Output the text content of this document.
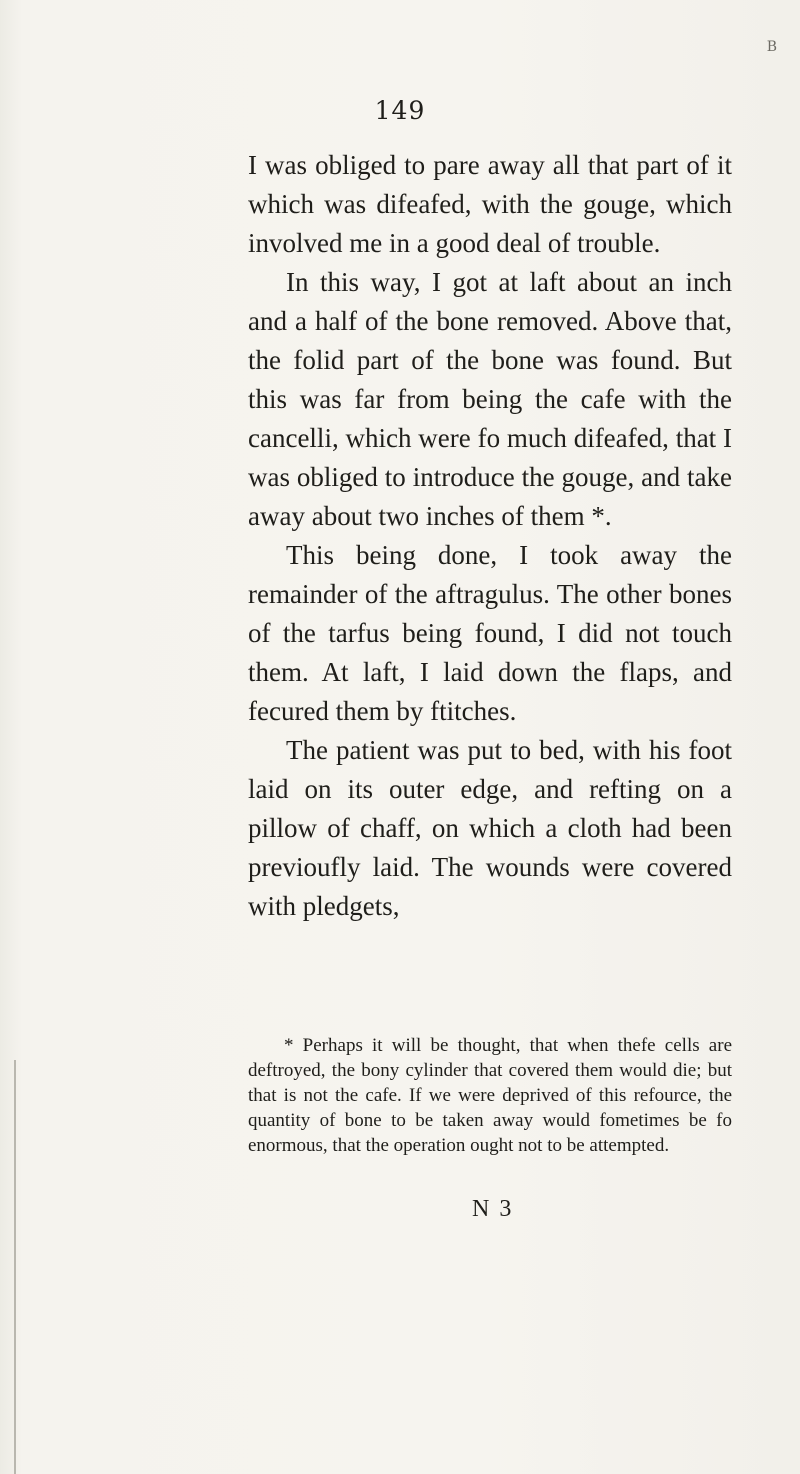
B
149

I was obliged to pare away all that part of it which was difeafed, with the gouge, which involved me in a good deal of trouble.

In this way, I got at laft about an inch and a half of the bone removed. Above that, the folid part of the bone was found. But this was far from being the cafe with the cancelli, which were fo much difeafed, that I was obliged to introduce the gouge, and take away about two inches of them *.

This being done, I took away the remainder of the aftragulus. The other bones of the tarfus being found, I did not touch them. At laft, I laid down the flaps, and fecured them by ftitches.

The patient was put to bed, with his foot laid on its outer edge, and refting on a pillow of chaff, on which a cloth had been previoufly laid. The wounds were covered with pledgets,

* Perhaps it will be thought, that when thefe cells are deftroyed, the bony cylinder that covered them would die; but that is not the cafe. If we were deprived of this refource, the quantity of bone to be taken away would fometimes be fo enormous, that the operation ought not to be attempted.

N 3
